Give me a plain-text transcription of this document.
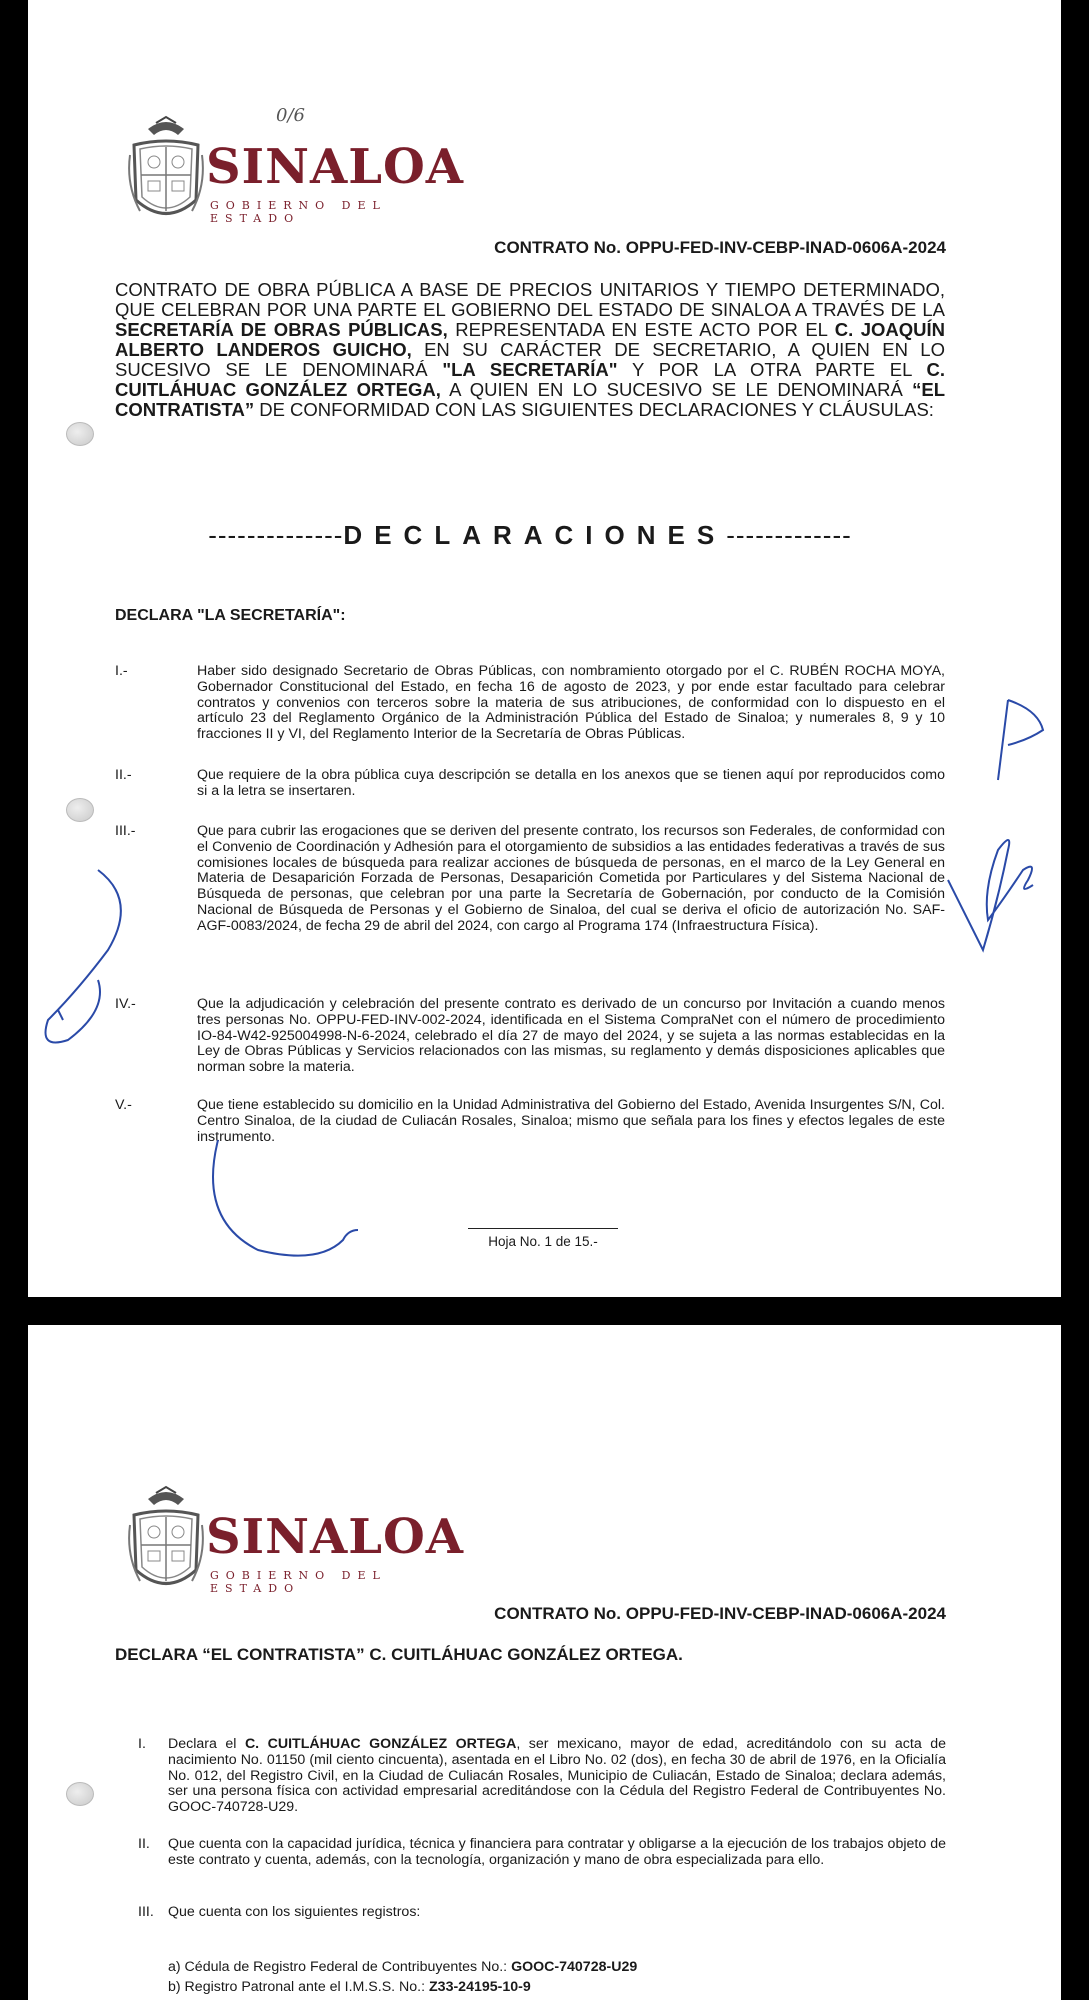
SINALOA
GOBIERNO DEL ESTADO
0/6
CONTRATO No. OPPU-FED-INV-CEBP-INAD-0606A-2024
CONTRATO DE OBRA PÚBLICA A BASE DE PRECIOS UNITARIOS Y TIEMPO DETERMINADO, QUE CELEBRAN POR UNA PARTE EL GOBIERNO DEL ESTADO DE SINALOA A TRAVÉS DE LA SECRETARÍA DE OBRAS PÚBLICAS, REPRESENTADA EN ESTE ACTO POR EL C. JOAQUÍN ALBERTO LANDEROS GUICHO, EN SU CARÁCTER DE SECRETARIO, A QUIEN EN LO SUCESIVO SE LE DENOMINARÁ "LA SECRETARÍA" Y POR LA OTRA PARTE EL C. CUITLÁHUAC GONZÁLEZ ORTEGA, A QUIEN EN LO SUCESIVO SE LE DENOMINARÁ “EL CONTRATISTA” DE CONFORMIDAD CON LAS SIGUIENTES DECLARACIONES Y CLÁUSULAS:
--------------DECLARACIONES-------------
DECLARA "LA SECRETARÍA":
I.-	Haber sido designado Secretario de Obras Públicas, con nombramiento otorgado por el C. RUBÉN ROCHA MOYA, Gobernador Constitucional del Estado, en fecha 16 de agosto de 2023, y por ende estar facultado para celebrar contratos y convenios con terceros sobre la materia de sus atribuciones, de conformidad con lo dispuesto en el artículo 23 del Reglamento Orgánico de la Administración Pública del Estado de Sinaloa; y numerales 8, 9 y 10 fracciones II y VI, del Reglamento Interior de la Secretaría de Obras Públicas.
II.-	Que requiere de la obra pública cuya descripción se detalla en los anexos que se tienen aquí por reproducidos como si a la letra se insertaren.
III.-	Que para cubrir las erogaciones que se deriven del presente contrato, los recursos son Federales, de conformidad con el Convenio de Coordinación y Adhesión para el otorgamiento de subsidios a las entidades federativas a través de sus comisiones locales de búsqueda para realizar acciones de búsqueda de personas, en el marco de la Ley General en Materia de Desaparición Forzada de Personas, Desaparición Cometida por Particulares y del Sistema Nacional de Búsqueda de personas, que celebran por una parte la Secretaría de Gobernación, por conducto de la Comisión Nacional de Búsqueda de Personas y el Gobierno de Sinaloa, del cual se deriva el oficio de autorización No. SAF-AGF-0083/2024, de fecha 29 de abril del 2024, con cargo al Programa 174 (Infraestructura Física).
IV.-	Que la adjudicación y celebración del presente contrato es derivado de un concurso por Invitación a cuando menos tres personas No. OPPU-FED-INV-002-2024, identificada en el Sistema CompraNet con el número de procedimiento IO-84-W42-925004998-N-6-2024, celebrado el día 27 de mayo del 2024, y se sujeta a las normas establecidas en la Ley de Obras Públicas y Servicios relacionados con las mismas, su reglamento y demás disposiciones aplicables que norman sobre la materia.
V.-	Que tiene establecido su domicilio en la Unidad Administrativa del Gobierno del Estado, Avenida Insurgentes S/N, Col. Centro Sinaloa, de la ciudad de Culiacán Rosales, Sinaloa; mismo que señala para los fines y efectos legales de este instrumento.
Hoja No. 1 de 15.-
SINALOA
GOBIERNO DEL ESTADO
CONTRATO No. OPPU-FED-INV-CEBP-INAD-0606A-2024
DECLARA “EL CONTRATISTA” C. CUITLÁHUAC GONZÁLEZ ORTEGA.
I. Declara el C. CUITLÁHUAC GONZÁLEZ ORTEGA, ser mexicano, mayor de edad, acreditándolo con su acta de nacimiento No. 01150 (mil ciento cincuenta), asentada en el Libro No. 02 (dos), en fecha 30 de abril de 1976, en la Oficialía No. 012, del Registro Civil, en la Ciudad de Culiacán Rosales, Municipio de Culiacán, Estado de Sinaloa; declara además, ser una persona física con actividad empresarial acreditándose con la Cédula del Registro Federal de Contribuyentes No. GOOC-740728-U29.
II. Que cuenta con la capacidad jurídica, técnica y financiera para contratar y obligarse a la ejecución de los trabajos objeto de este contrato y cuenta, además, con la tecnología, organización y mano de obra especializada para ello.
III. Que cuenta con los siguientes registros:
a) Cédula de Registro Federal de Contribuyentes No.: GOOC-740728-U29
b) Registro Patronal ante el I.M.S.S. No.: Z33-24195-10-9
